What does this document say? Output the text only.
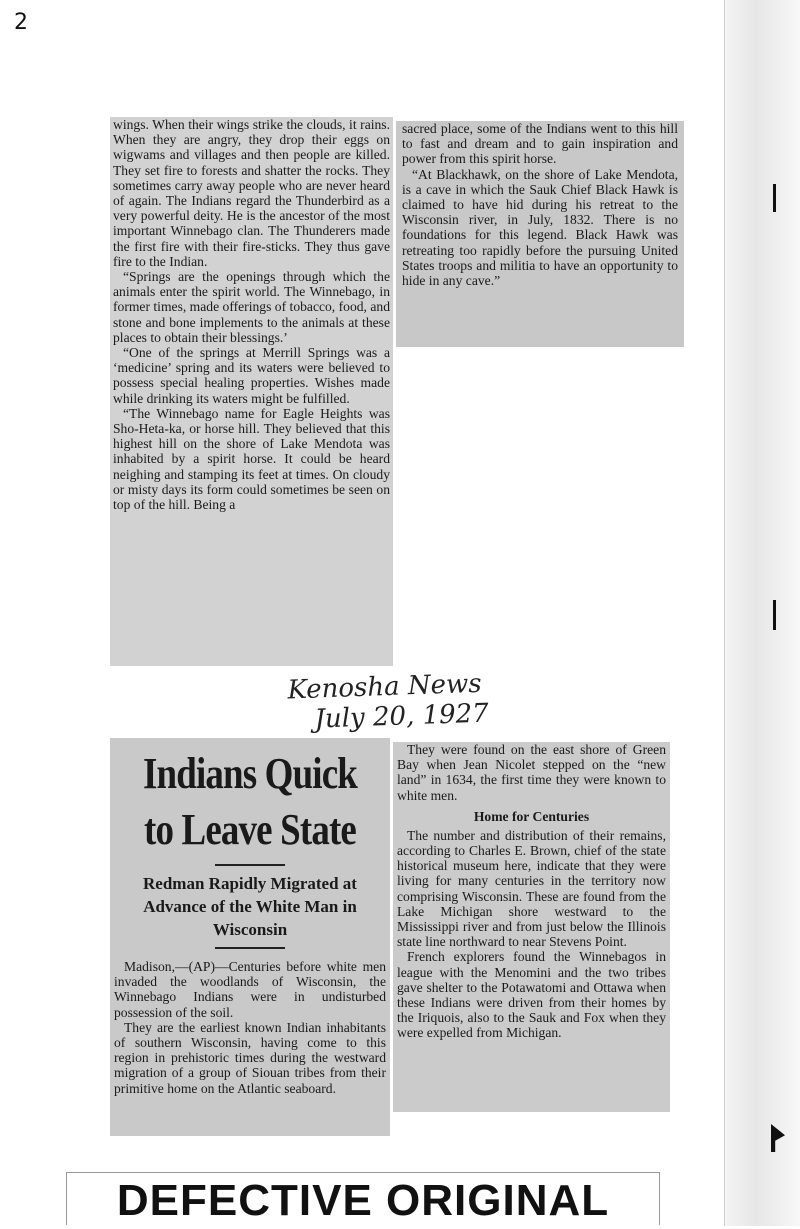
2

wings. When their wings strike the clouds, it rains. When they are angry, they drop their eggs on wigwams and villages and then people are killed. They set fire to forests and shatter the rocks. They sometimes carry away people who are never heard of again. The Indians regard the Thunderbird as a very powerful deity. He is the ancestor of the most important Winnebago clan. The Thunderers made the first fire with their fire-sticks. They thus gave fire to the Indian.

“Springs are the openings through which the animals enter the spirit world. The Winnebago, in former times, made offerings of tobacco, food, and stone and bone implements to the animals at these places to obtain their blessings.’

“One of the springs at Merrill Springs was a ‘medicine’ spring and its waters were believed to possess special healing properties. Wishes made while drinking its waters might be fulfilled.

“The Winnebago name for Eagle Heights was Sho-Heta-ka, or horse hill. They believed that this highest hill on the shore of Lake Mendota was inhabited by a spirit horse. It could be heard neighing and stamping its feet at times. On cloudy or misty days its form could sometimes be seen on top of the hill. Being a

sacred place, some of the Indians went to this hill to fast and dream and to gain inspiration and power from this spirit horse.

“At Blackhawk, on the shore of Lake Mendota, is a cave in which the Sauk Chief Black Hawk is claimed to have hid during his retreat to the Wisconsin river, in July, 1832. There is no foundations for this legend. Black Hawk was retreating too rapidly before the pursuing United States troops and militia to have an opportunity to hide in any cave.”

Kenosha News
July 20, 1927
Indians Quick
to Leave State
Redman Rapidly Migrated at Advance of the White Man in Wisconsin

Madison,—(AP)—Centuries before white men invaded the woodlands of Wisconsin, the Winnebago Indians were in undisturbed possession of the soil.

They are the earliest known Indian inhabitants of southern Wisconsin, having come to this region in prehistoric times during the westward migration of a group of Siouan tribes from their primitive home on the Atlantic seaboard.

They were found on the east shore of Green Bay when Jean Nicolet stepped on the “new land” in 1634, the first time they were known to white men.

Home for Centuries

The number and distribution of their remains, according to Charles E. Brown, chief of the state historical museum here, indicate that they were living for many centuries in the territory now comprising Wisconsin. These are found from the Lake Michigan shore westward to the Mississippi river and from just below the Illinois state line northward to near Stevens Point.

French explorers found the Winnebagos in league with the Menomini and the two tribes gave shelter to the Potawatomi and Ottawa when these Indians were driven from their homes by the Iriquois, also to the Sauk and Fox when they were expelled from Michigan.

DEFECTIVE ORIGINAL
